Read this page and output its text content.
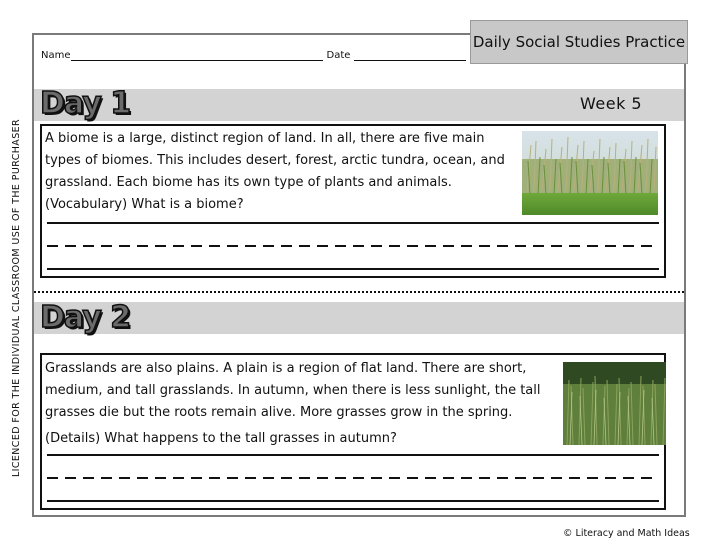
LICENCED FOR THE INDIVIDUAL CLASSROOM USE OF THE PURCHASER
Daily Social Studies Practice
Name	Date
Day 1	Week 5
A biome is a large, distinct region of land. In all, there are five main types of biomes. This includes desert, forest, arctic tundra, ocean, and grassland. Each biome has its own type of plants and animals. (Vocabulary) What is a biome?
Day 2
Grasslands are also plains. A plain is a region of flat land. There are short, medium, and tall grasslands. In autumn, when there is less sunlight, the tall grasses die but the roots remain alive. More grasses grow in the spring.
(Details) What happens to the tall grasses in autumn?
© Literacy and Math Ideas
